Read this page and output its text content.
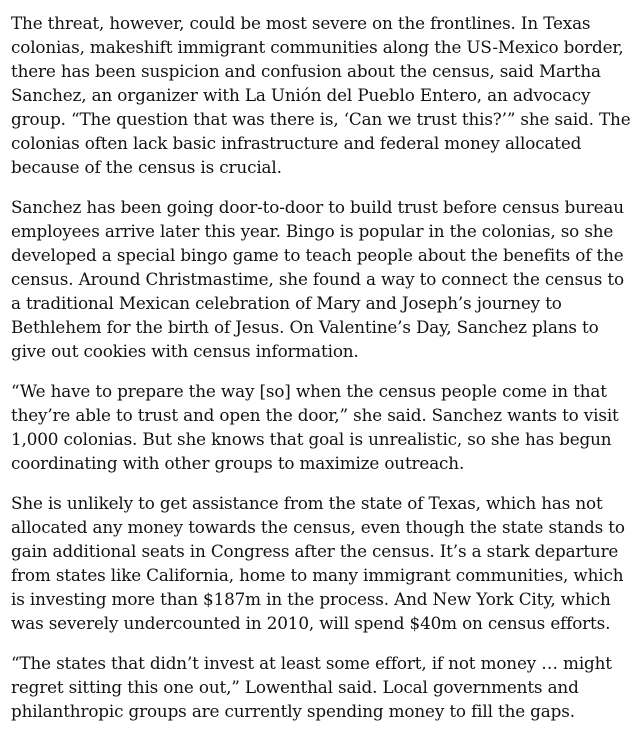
The threat, however, could be most severe on the frontlines. In Texas colonias, makeshift immigrant communities along the US-Mexico border, there has been suspicion and confusion about the census, said Martha Sanchez, an organizer with La Unión del Pueblo Entero, an advocacy group. “The question that was there is, ‘Can we trust this?’” she said. The colonias often lack basic infrastructure and federal money allocated because of the census is crucial.

Sanchez has been going door-to-door to build trust before census bureau employees arrive later this year. Bingo is popular in the colonias, so she developed a special bingo game to teach people about the benefits of the census. Around Christmastime, she found a way to connect the census to a traditional Mexican celebration of Mary and Joseph’s journey to Bethlehem for the birth of Jesus. On Valentine’s Day, Sanchez plans to give out cookies with census information.

“We have to prepare the way [so] when the census people come in that they’re able to trust and open the door,” she said. Sanchez wants to visit 1,000 colonias. But she knows that goal is unrealistic, so she has begun coordinating with other groups to maximize outreach.

She is unlikely to get assistance from the state of Texas, which has not allocated any money towards the census, even though the state stands to gain additional seats in Congress after the census. It’s a stark departure from states like California, home to many immigrant communities, which is investing more than $187m in the process. And New York City, which was severely undercounted in 2010, will spend $40m on census efforts.

“The states that didn’t invest at least some effort, if not money … might regret sitting this one out,” Lowenthal said. Local governments and philanthropic groups are currently spending money to fill the gaps.
